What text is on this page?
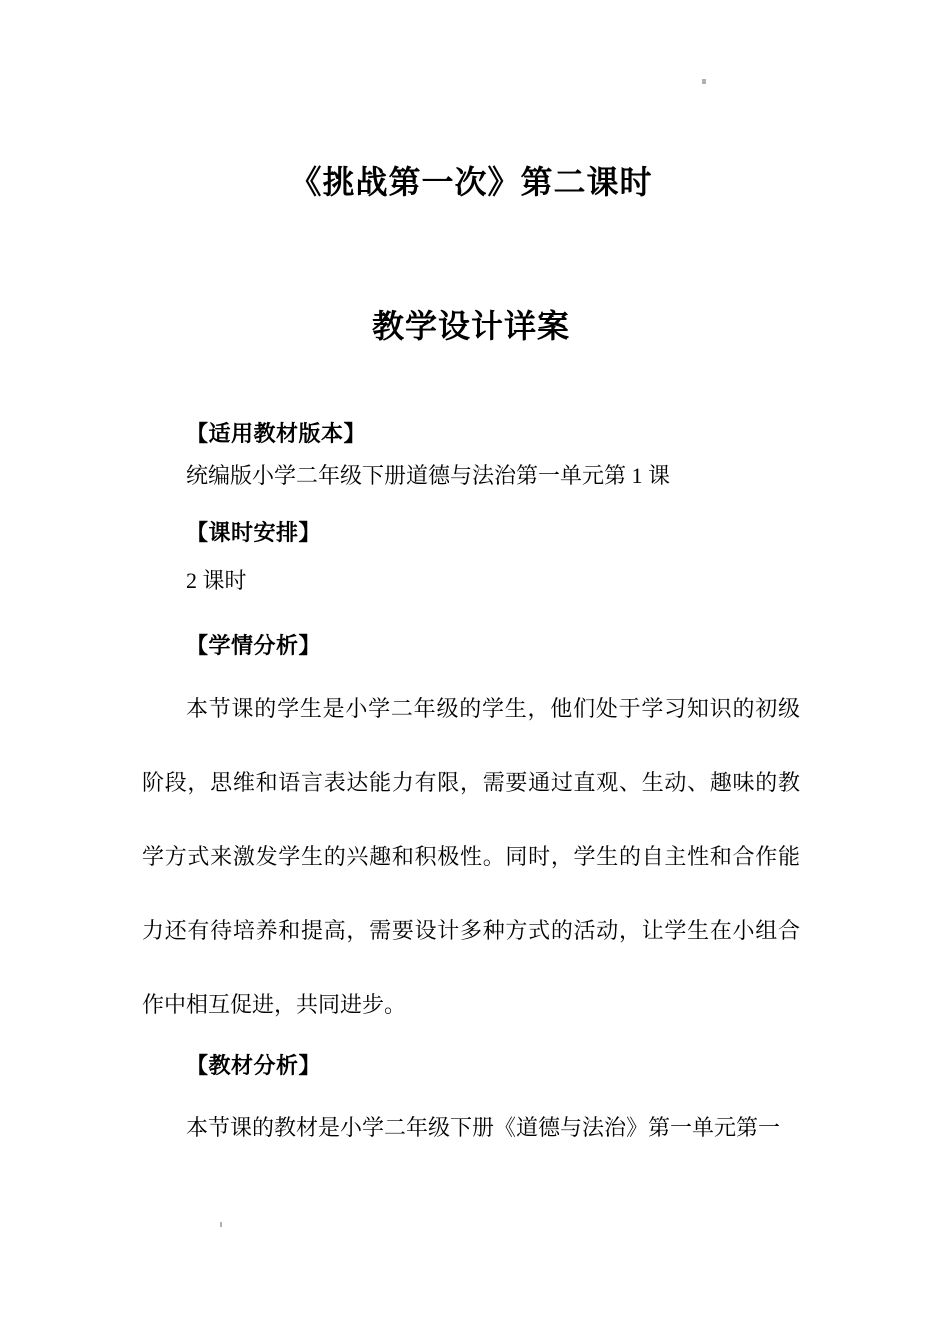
《挑战第一次》第二课时
教学设计详案
【适用教材版本】
统编版小学二年级下册道德与法治第一单元第 1 课
【课时安排】
2 课时
【学情分析】
本节课的学生是小学二年级的学生，他们处于学习知识的初级阶段，思维和语言表达能力有限，需要通过直观、生动、趣味的教学方式来激发学生的兴趣和积极性。同时，学生的自主性和合作能力还有待培养和提高，需要设计多种方式的活动，让学生在小组合作中相互促进，共同进步。
【教材分析】
本节课的教材是小学二年级下册《道德与法治》第一单元第一
